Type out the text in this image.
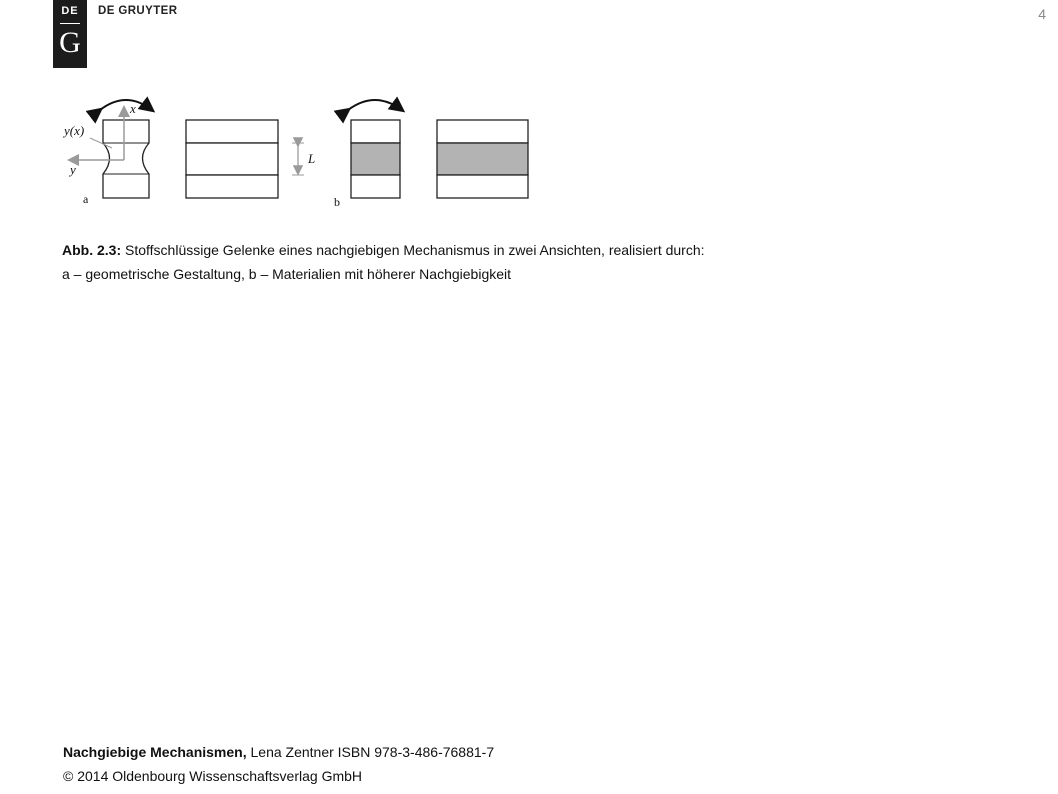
DE
G
DE GRUYTER	4
x
y(x)
y
a
L
b
Abb. 2.3: Stoffschlüssige Gelenke eines nachgiebigen Mechanismus in zwei Ansichten, realisiert durch:
a – geometrische Gestaltung, b – Materialien mit höherer Nachgiebigkeit
Nachgiebige Mechanismen, Lena Zentner ISBN 978-3-486-76881-7
© 2014 Oldenbourg Wissenschaftsverlag GmbH
